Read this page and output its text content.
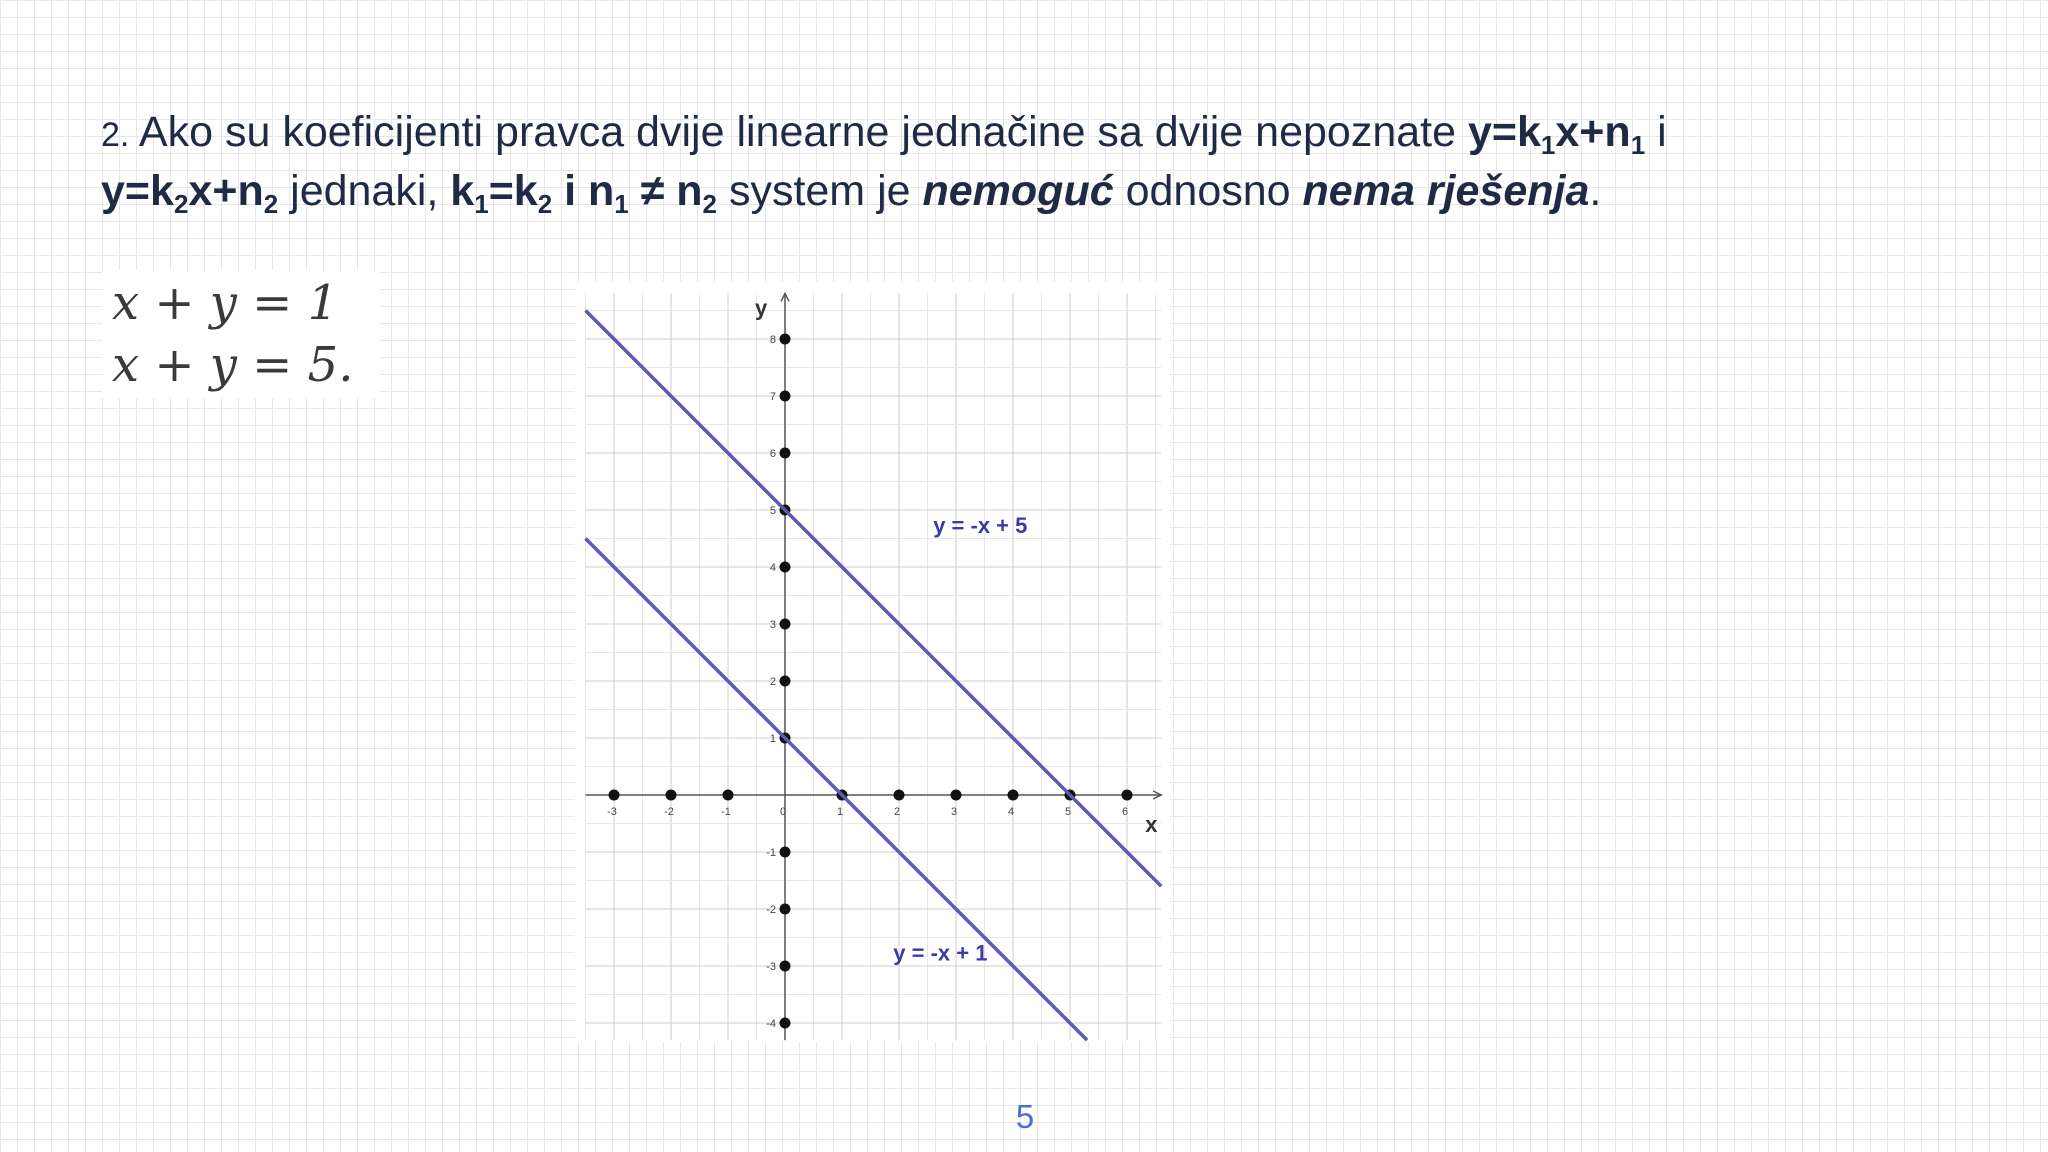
2. Ako su koeficijenti pravca dvije linearne jednačine sa dvije nepoznate $y=k_1x+n_1$ i
$y=k_2x+n_2$ jednaki, $k_1=k_2$ i $n_1 \ne n_2$ system je nemoguć odnosno nema rješenja.
x + y = 1
x + y = 5.
-3	-2	-1	0	1	2	3	4	5	6
-4
-3
-2
-1
1
2
3
4
5
6
7
8
x
y
y = -x + 5
y = -x + 1
5
